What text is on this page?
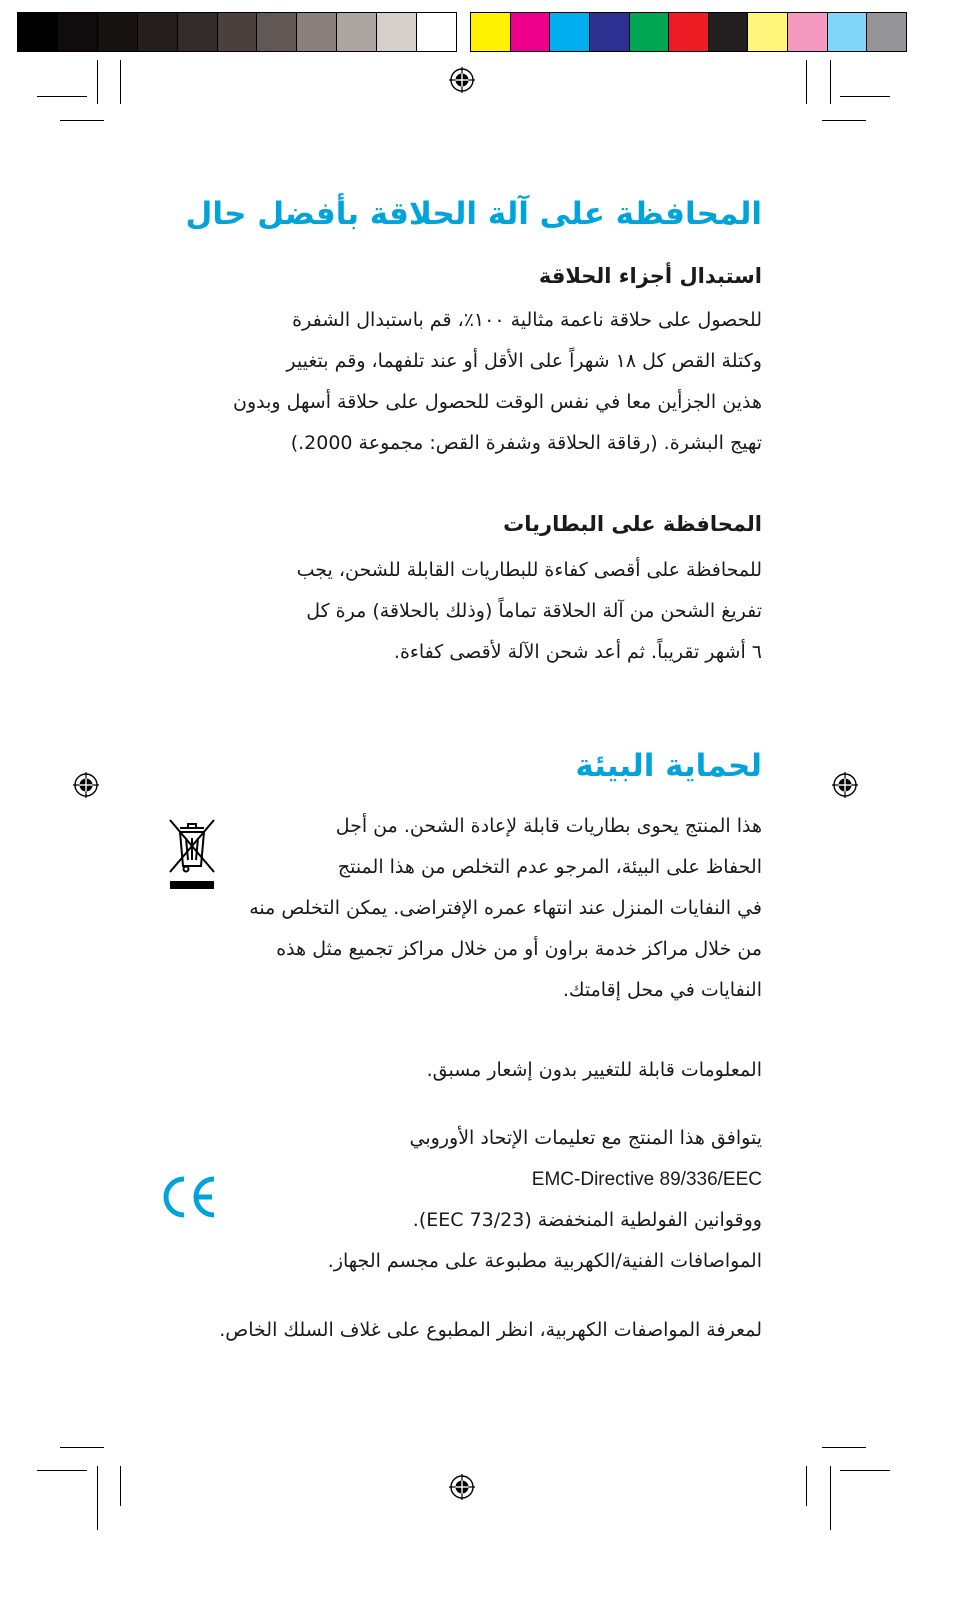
المحافظة على آلة الحلاقة بأفضل حال
استبدال أجزاء الحلاقة

للحصول على حلاقة ناعمة مثالية ١٠٠٪، قم باستبدال الشفرة

وكتلة القص كل ١٨ شهراً على الأقل أو عند تلفهما، وقم بتغيير

هذين الجزأين معا في نفس الوقت للحصول على حلاقة أسهل وبدون

تهيج البشرة. (رقاقة الحلاقة وشفرة القص: مجموعة 2000.)

المحافظة على البطاريات

للمحافظة على أقصى كفاءة للبطاريات القابلة للشحن، يجب

تفريغ الشحن من آلة الحلاقة تماماً (وذلك بالحلاقة) مرة كل

٦ أشهر تقريباً. ثم أعد شحن الآلة لأقصى كفاءة.

لحماية البيئة

هذا المنتج يحوى بطاريات قابلة لإعادة الشحن. من أجل

الحفاظ على البيئة، المرجو عدم التخلص من هذا المنتج

في النفايات المنزل عند انتهاء عمره الإفتراضى. يمكن التخلص منه

من خلال مراكز خدمة براون أو من خلال مراكز تجميع مثل هذه

النفايات في محل إقامتك.

المعلومات قابلة للتغيير بدون إشعار مسبق.

يتوافق هذا المنتج مع تعليمات الإتحاد الأوروبي

EMC-Directive 89/336/EEC

ووقوانين الفولطية المنخفضة (73/23 EEC).

المواصافات الفنية/الكهربية مطبوعة على مجسم الجهاز.

لمعرفة المواصفات الكهربية، انظر المطبوع على غلاف السلك الخاص.
